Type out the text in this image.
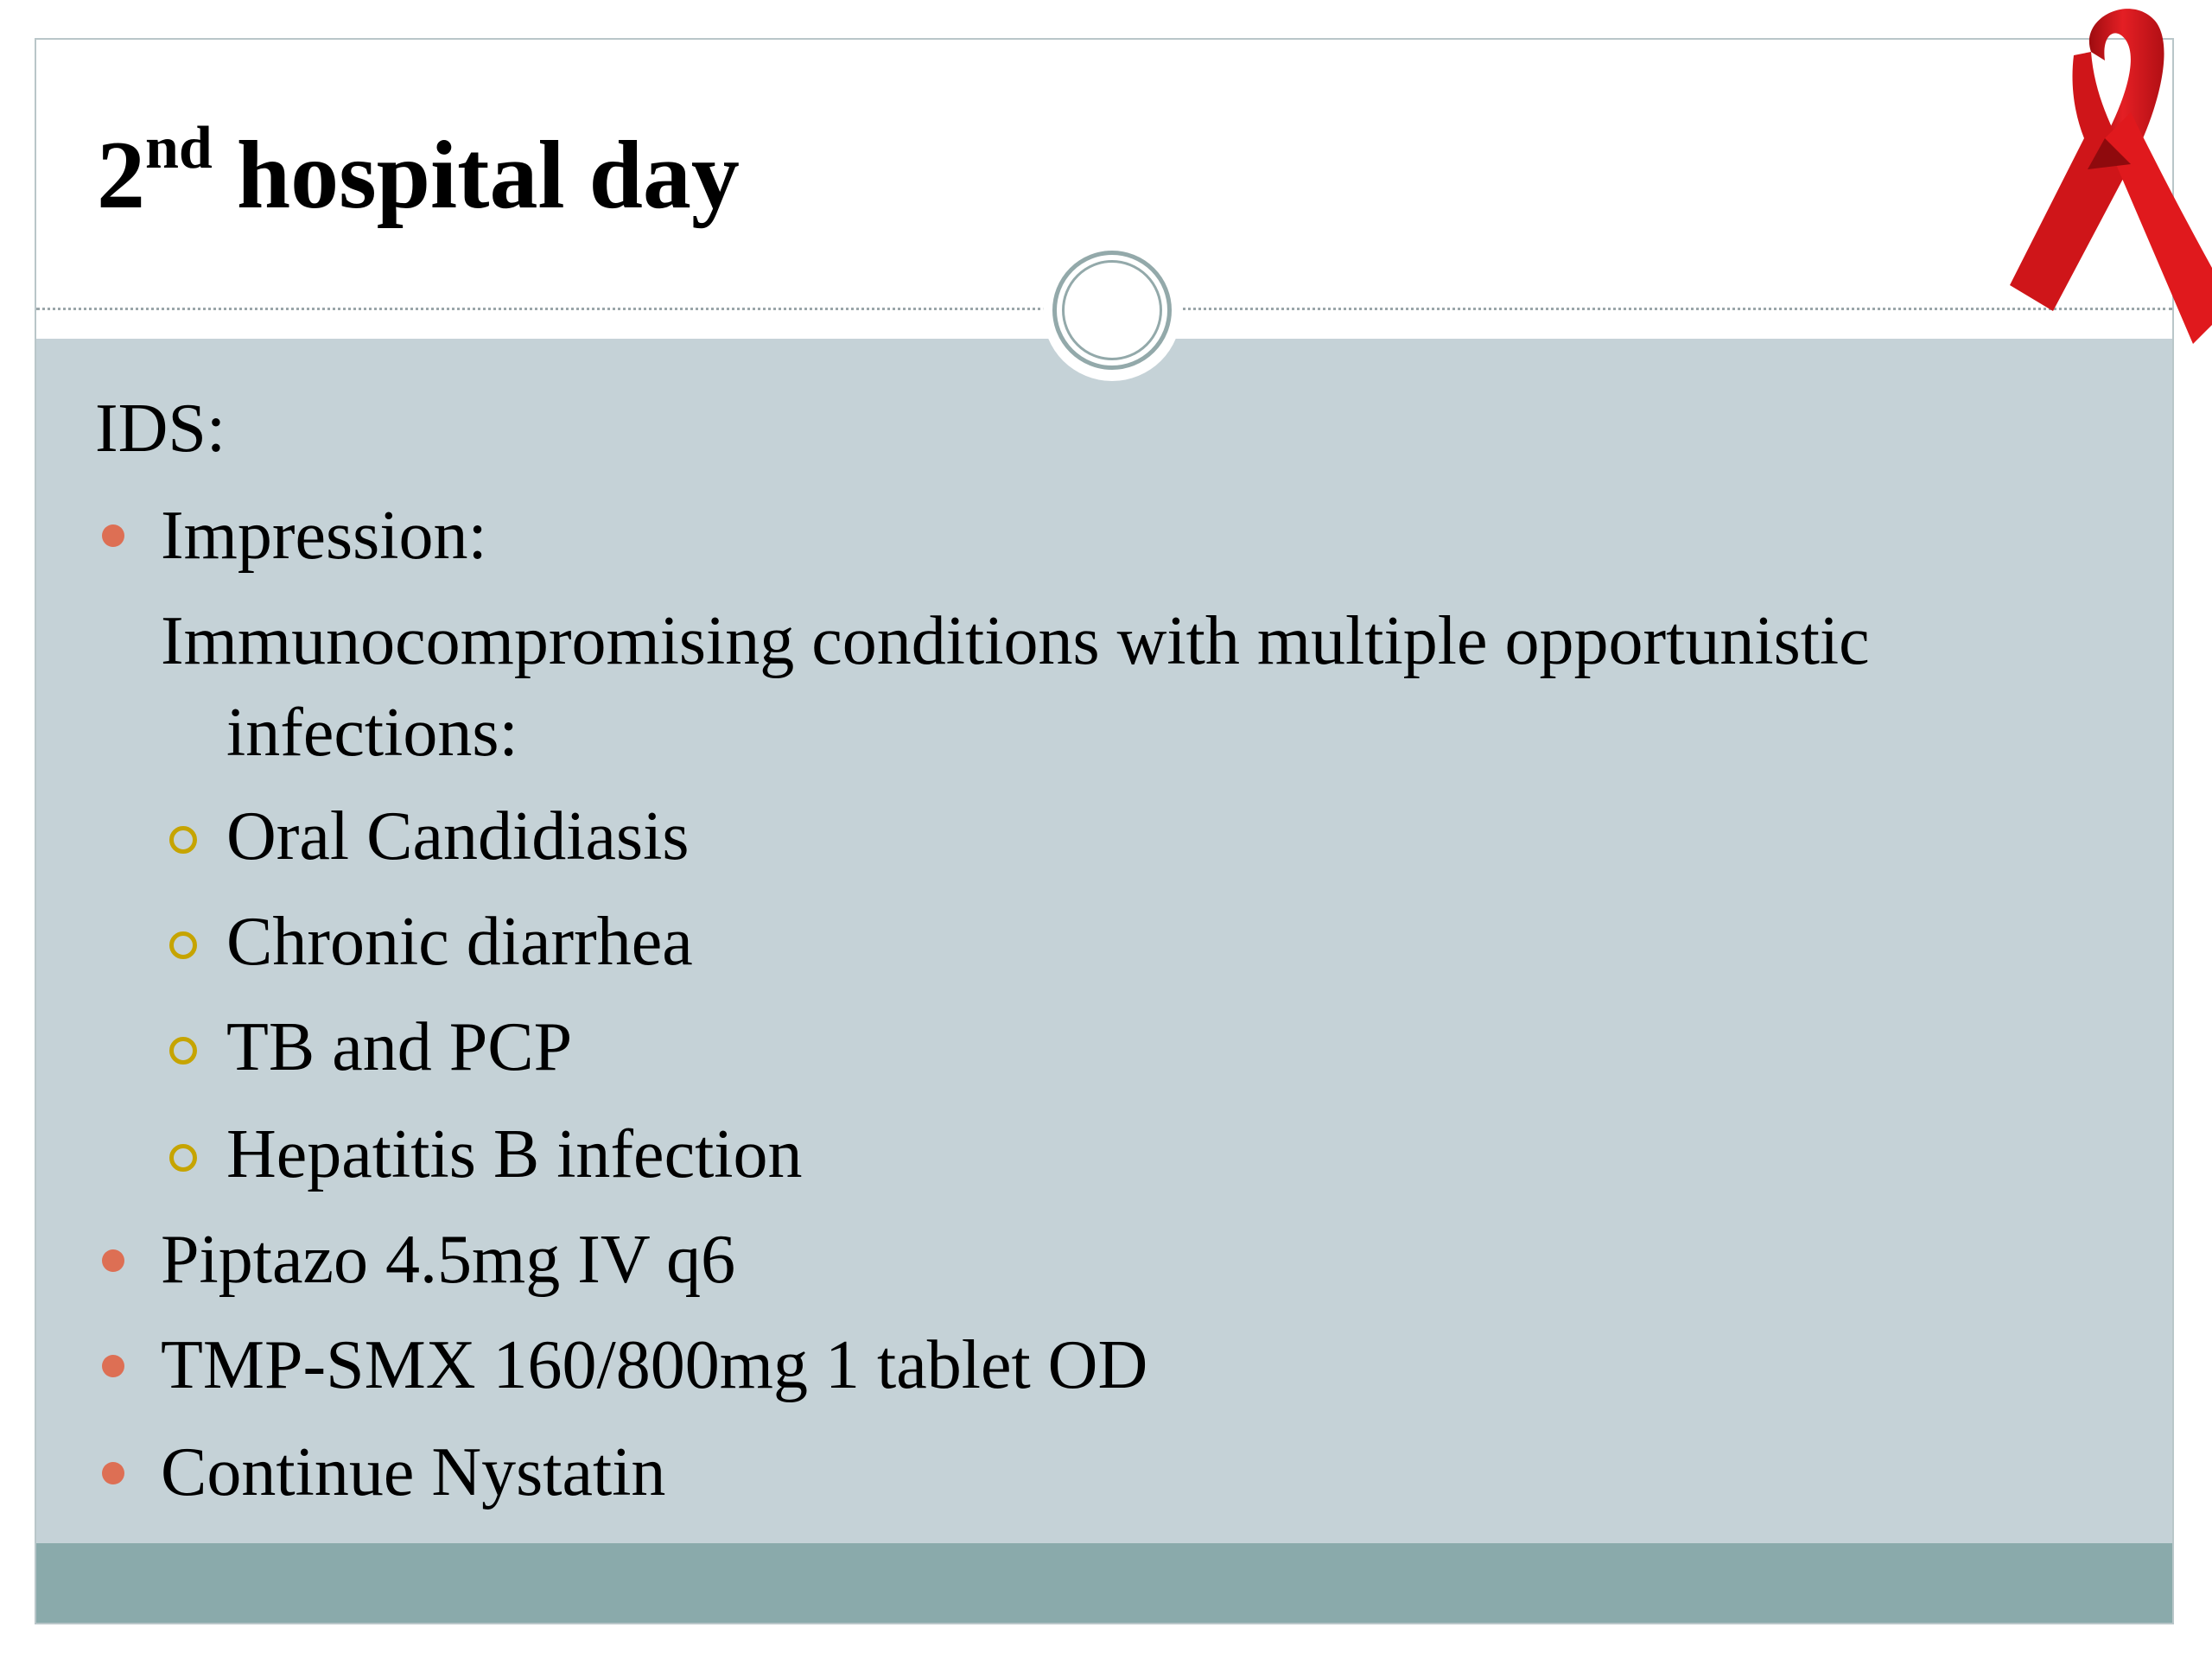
2nd hospital day
IDS:
Impression:
Immunocompromising conditions with multiple opportunistic
infections:
Oral Candidiasis
Chronic diarrhea
TB and PCP
Hepatitis B infection
Piptazo 4.5mg IV q6
TMP-SMX 160/800mg 1 tablet OD
Continue Nystatin
